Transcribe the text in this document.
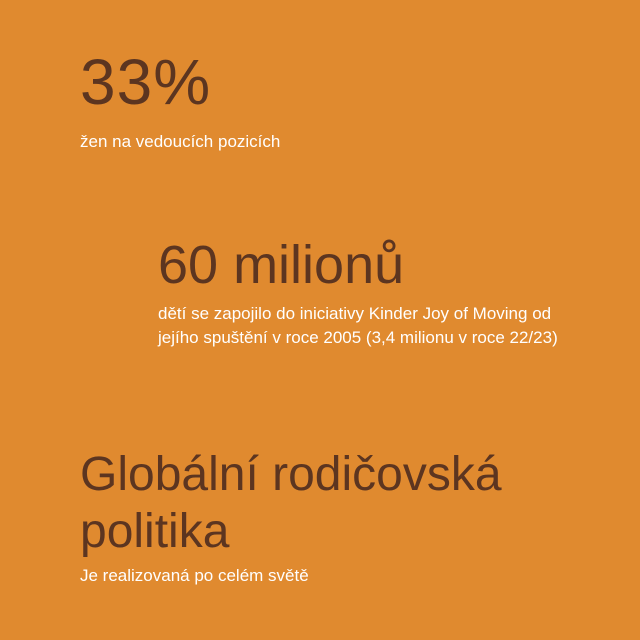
33%

žen na vedoucích pozicích

60 milionů

dětí se zapojilo do iniciativy Kinder Joy of Moving od jejího spuštění v roce 2005 (3,4 milionu v roce 22/23)

Globální rodičovská politika

Je realizovaná po celém světě
